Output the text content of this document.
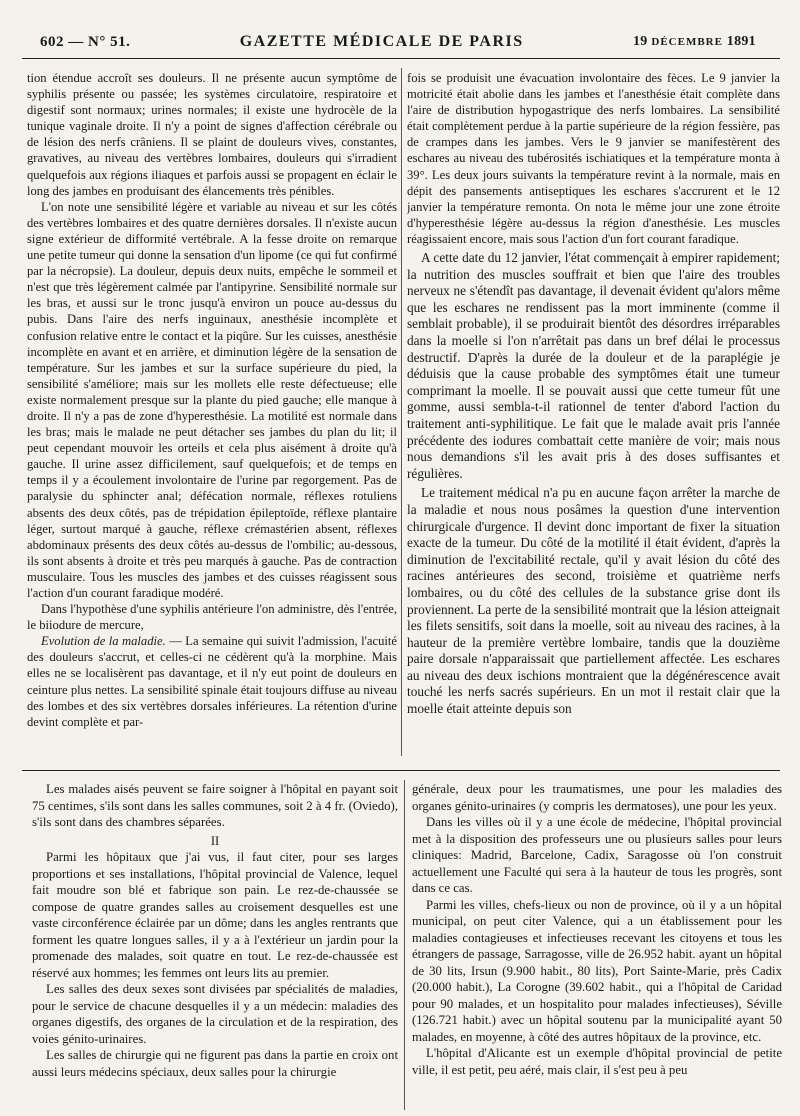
602 — N° 51.	GAZETTE MÉDICALE DE PARIS	19 DÉCEMBRE 1891

tion étendue accroît ses douleurs. Il ne présente aucun symptôme de syphilis présente ou passée; les systèmes circulatoire, respiratoire et digestif sont normaux; urines normales; il existe une hydrocèle de la tunique vaginale droite. Il n'y a point de signes d'affection cérébrale ou de lésion des nerfs crâniens. Il se plaint de douleurs vives, constantes, gravatives, au niveau des vertèbres lombaires, douleurs qui s'irradient quelquefois aux régions iliaques et parfois aussi se propagent en éclair le long des jambes en produisant des élancements très pénibles.

L'on note une sensibilité légère et variable au niveau et sur les côtés des vertèbres lombaires et des quatre dernières dorsales. Il n'existe aucun signe extérieur de difformité vertébrale. A la fesse droite on remarque une petite tumeur qui donne la sensation d'un lipome (ce qui fut confirmé par la nécropsie). La douleur, depuis deux nuits, empêche le sommeil et n'est que très légèrement calmée par l'antipyrine. Sensibilité normale sur les bras, et aussi sur le tronc jusqu'à environ un pouce au-dessus du pubis. Dans l'aire des nerfs inguinaux, anesthésie incomplète et confusion relative entre le contact et la piqûre. Sur les cuisses, anesthésie incomplète en avant et en arrière, et diminution légère de la sensation de température. Sur les jambes et sur la surface supérieure du pied, la sensibilité s'améliore; mais sur les mollets elle reste défectueuse; elle existe normalement presque sur la plante du pied gauche; elle manque à droite. Il n'y a pas de zone d'hyperesthésie. La motilité est normale dans les bras; mais le malade ne peut détacher ses jambes du plan du lit; il peut cependant mouvoir les orteils et cela plus aisément à droite qu'à gauche. Il urine assez difficilement, sauf quelquefois; et de temps en temps il y a écoulement involontaire de l'urine par regorgement. Pas de paralysie du sphincter anal; défécation normale, réflexes rotuliens absents des deux côtés, pas de trépidation épileptoïde, réflexe plantaire léger, surtout marqué à gauche, réflexe crémastérien absent, réflexes abdominaux présents des deux côtés au-dessus de l'ombilic; au-dessous, ils sont absents à droite et très peu marqués à gauche. Pas de contraction musculaire. Tous les muscles des jambes et des cuisses réagissent sous l'action d'un courant faradique modéré.

Dans l'hypothèse d'une syphilis antérieure l'on administre, dès l'entrée, le biiodure de mercure,

Evolution de la maladie. — La semaine qui suivit l'admission, l'acuité des douleurs s'accrut, et celles-ci ne cédèrent qu'à la morphine. Mais elles ne se localisèrent pas davantage, et il n'y eut point de douleurs en ceinture plus nettes. La sensibilité spinale était toujours diffuse au niveau des lombes et des six vertèbres dorsales inférieures. La rétention d'urine devint complète et par-

fois se produisit une évacuation involontaire des fèces. Le 9 janvier la motricité était abolie dans les jambes et l'anesthésie était complète dans l'aire de distribution hypogastrique des nerfs lombaires. La sensibilité était complètement perdue à la partie supérieure de la région fessière, pas de crampes dans les jambes. Vers le 9 janvier se manifestèrent des eschares au niveau des tubérosités ischiatiques et la température monta à 39°. Les deux jours suivants la température revint à la normale, mais en dépit des pansements antiseptiques les eschares s'accrurent et le 12 janvier la température remonta. On nota le même jour une zone étroite d'hyperesthésie légère au-dessus la région d'anesthésie. Les muscles réagissaient encore, mais sous l'action d'un fort courant faradique.

A cette date du 12 janvier, l'état commençait à empirer rapidement; la nutrition des muscles souffrait et bien que l'aire des troubles nerveux ne s'étendît pas davantage, il devenait évident qu'alors même que les eschares ne rendissent pas la mort imminente (comme il semblait probable), il se produirait bientôt des désordres irréparables dans la moelle si l'on n'arrêtait pas dans un bref délai le processus destructif. D'après la durée de la douleur et de la paraplégie je déduisis que la cause probable des symptômes était une tumeur comprimant la moelle. Il se pouvait aussi que cette tumeur fût une gomme, aussi sembla-t-il rationnel de tenter d'abord l'action du traitement anti-syphilitique. Le fait que le malade avait pris l'année précédente des iodures combattait cette manière de voir; mais nous nous demandions s'il les avait pris à des doses suffisantes et régulières.

Le traitement médical n'a pu en aucune façon arrêter la marche de la maladie et nous nous posâmes la question d'une intervention chirurgicale d'urgence. Il devint donc important de fixer la situation exacte de la tumeur. Du côté de la motilité il était évident, d'après la diminution de l'excitabilité rectale, qu'il y avait lésion du côté des racines antérieures des second, troisième et quatrième nerfs lombaires, ou du côté des cellules de la substance grise dont ils proviennent. La perte de la sensibilité montrait que la lésion atteignait les filets sensitifs, soit dans la moelle, soit au niveau des racines, à la hauteur de la première vertèbre lombaire, tandis que la douzième paire dorsale n'apparaissait que partiellement affectée. Les eschares au niveau des deux ischions montraient que la dégénérescence avait touché les nerfs sacrés supérieurs. En un mot il restait clair que la moelle était atteinte depuis son

Les malades aisés peuvent se faire soigner à l'hôpital en payant soit 75 centimes, s'ils sont dans les salles communes, soit 2 à 4 fr. (Oviedo), s'ils sont dans des chambres séparées.

II

Parmi les hôpitaux que j'ai vus, il faut citer, pour ses larges proportions et ses installations, l'hôpital provincial de Valence, lequel fait moudre son blé et fabrique son pain. Le rez-de-chaussée se compose de quatre grandes salles au croisement desquelles est une vaste circonférence éclairée par un dôme; dans les angles rentrants que forment les quatre longues salles, il y a à l'extérieur un jardin pour la promenade des malades, soit quatre en tout. Le rez-de-chaussée est réservé aux hommes; les femmes ont leurs lits au premier.

Les salles des deux sexes sont divisées par spécialités de maladies, pour le service de chacune desquelles il y a un médecin: maladies des organes digestifs, des organes de la circulation et de la respiration, des voies génito-urinaires.

Les salles de chirurgie qui ne figurent pas dans la partie en croix ont aussi leurs médecins spéciaux, deux salles pour la chirurgie

générale, deux pour les traumatismes, une pour les maladies des organes génito-urinaires (y compris les dermatoses), une pour les yeux.

Dans les villes où il y a une école de médecine, l'hôpital provincial met à la disposition des professeurs une ou plusieurs salles pour leurs cliniques: Madrid, Barcelone, Cadix, Saragosse où l'on construit actuellement une Faculté qui sera à la hauteur de tous les progrès, sont dans ce cas.

Parmi les villes, chefs-lieux ou non de province, où il y a un hôpital municipal, on peut citer Valence, qui a un établissement pour les maladies contagieuses et infectieuses recevant les citoyens et tous les étrangers de passage, Sarragosse, ville de 26.952 habit. ayant un hôpital de 30 lits, Irsun (9.900 habit., 80 lits), Port Sainte-Marie, près Cadix (20.000 habit.), La Corogne (39.602 habit., qui a l'hôpital de Caridad pour 90 malades, et un hospitalito pour malades infectieuses), Séville (126.721 habit.) avec un hôpital soutenu par la municipalité ayant 50 malades, en moyenne, à côté des autres hôpitaux de la province, etc.

L'hôpital d'Alicante est un exemple d'hôpital provincial de petite ville, il est petit, peu aéré, mais clair, il s'est peu à peu
